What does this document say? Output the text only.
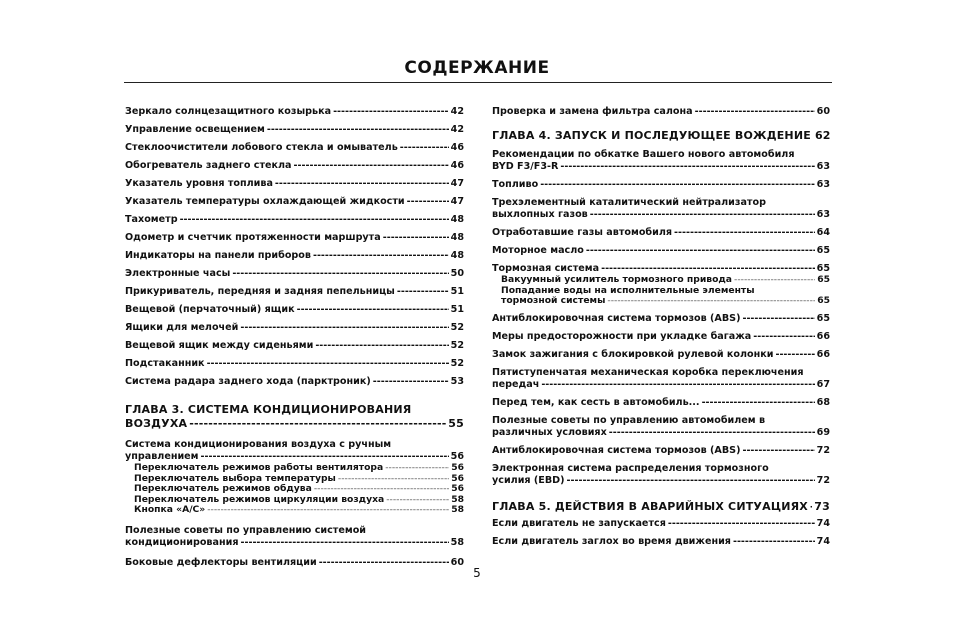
СОДЕРЖАНИЕ
Зеркало солнцезащитного козырька -----	42
Управление освещением -----	42
Стеклоочистители лобового стекла и омыватель -----	46
Обогреватель заднего стекла -----	46
Указатель уровня топлива -----	47
Указатель температуры охлаждающей жидкости -----	47
Тахометр -----	48
Одометр и счетчик протяженности маршрута -----	48
Индикаторы на панели приборов -----	48
Электронные часы -----	50
Прикуриватель, передняя и задняя пепельницы -----	51
Вещевой (перчаточный) ящик -----	51
Ящики для мелочей -----	52
Вещевой ящик между сиденьями -----	52
Подстаканник -----	52
Система радара заднего хода (парктроник) -----	53
ГЛАВА 3. СИСТЕМА КОНДИЦИОНИРОВАНИЯ
ВОЗДУХА -----	55
Система кондиционирования воздуха с ручным
управлением -----	56
Переключатель режимов работы вентилятора -----	56
Переключатель выбора температуры -----	56
Переключатель режимов обдува -----	56
Переключатель режимов циркуляции воздуха -----	58
Кнопка «А/С» -----	58
Полезные советы по управлению системой
кондиционирования -----	58
Боковые дефлекторы вентиляции -----	60
Проверка и замена фильтра салона -----	60
ГЛАВА 4. ЗАПУСК И ПОСЛЕДУЮЩЕЕ ВОЖДЕНИЕ 62
Рекомендации по обкатке Вашего нового автомобиля
BYD F3/F3-R -----	63
Топливо -----	63
Трехэлементный каталитический нейтрализатор
выхлопных газов -----	63
Отработавшие газы автомобиля -----	64
Моторное масло -----	65
Тормозная система -----	65
Вакуумный усилитель тормозного привода -----	65
Попадание воды на исполнительные элементы
тормозной системы -----	65
Антиблокировочная система тормозов (ABS) -----	65
Меры предосторожности при укладке багажа -----	66
Замок зажигания с блокировкой рулевой колонки -----	66
Пятиступенчатая механическая коробка переключения
передач -----	67
Перед тем, как сесть в автомобиль... -----	68
Полезные советы по управлению автомобилем в
различных условиях -----	69
Антиблокировочная система тормозов (ABS) -----	72
Электронная система распределения тормозного
усилия (EBD) -----	72
ГЛАВА 5. ДЕЙСТВИЯ В АВАРИЙНЫХ СИТУАЦИЯХ ----- 73
Если двигатель не запускается -----	74
Если двигатель заглох во время движения -----	74
5
